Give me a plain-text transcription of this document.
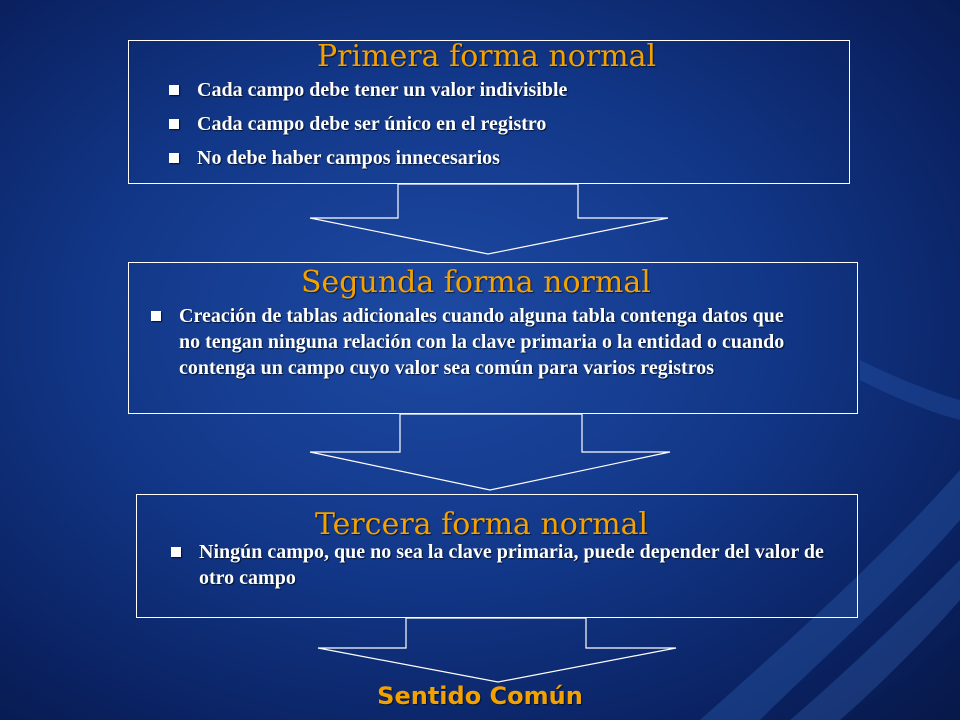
Primera forma normal
Cada campo debe tener un valor indivisible
Cada campo debe ser único en el registro
No debe haber campos innecesarios
Segunda forma normal
Creación de tablas adicionales cuando alguna tabla contenga datos que no tengan ninguna relación con la clave primaria o la entidad o cuando contenga un campo cuyo valor sea común para varios registros
Tercera forma normal
Ningún campo, que no sea la clave primaria, puede depender del valor de otro campo
Sentido Común
